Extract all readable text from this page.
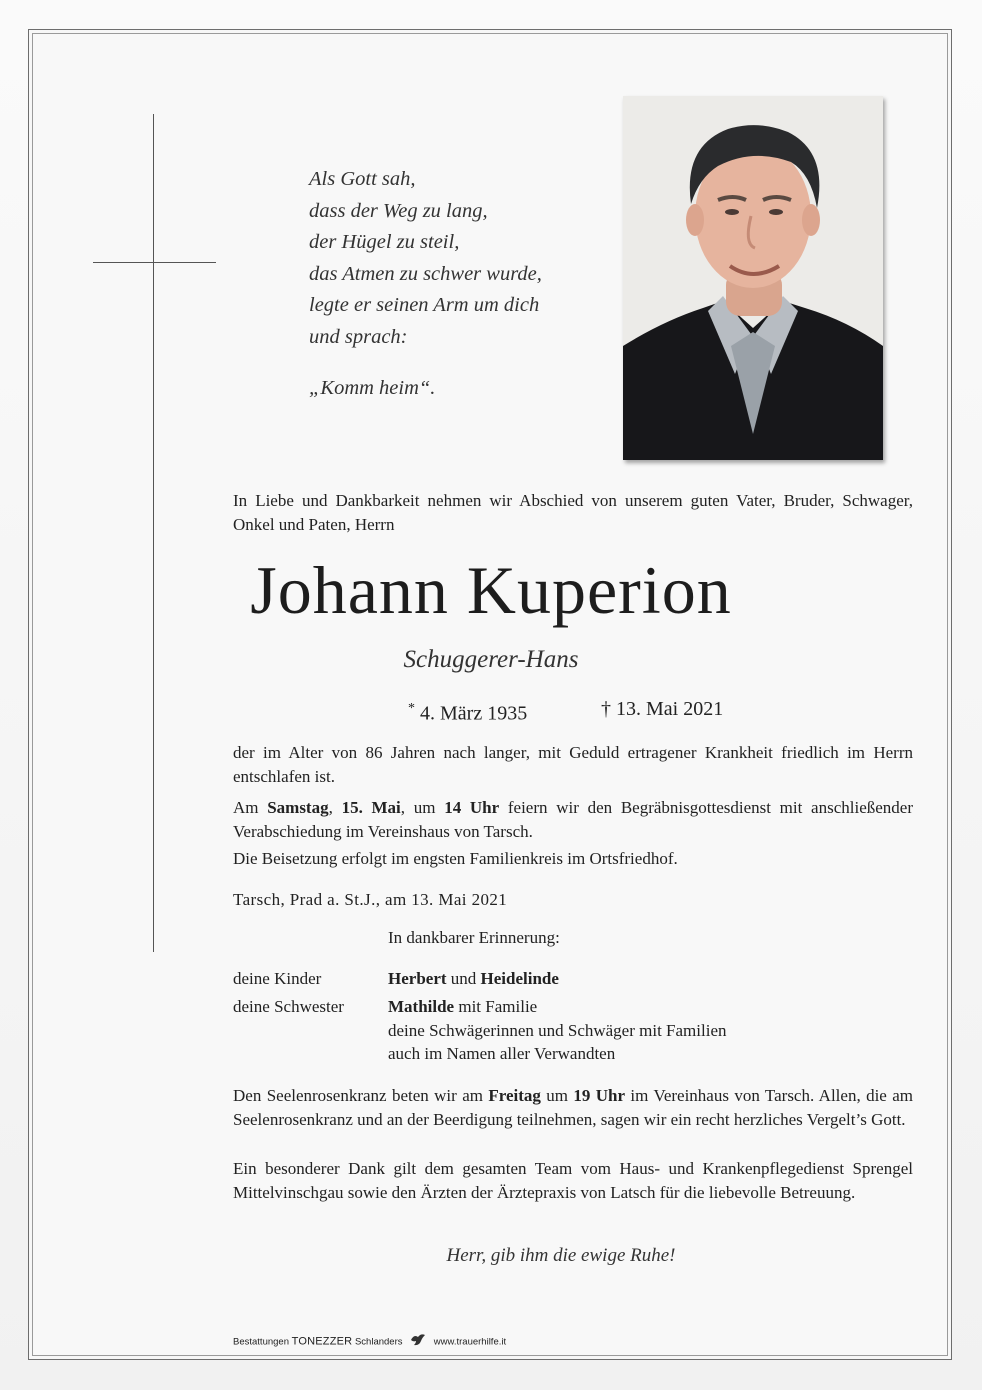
Als Gott sah,
dass der Weg zu lang,
der Hügel zu steil,
das Atmen zu schwer wurde,
legte er seinen Arm um dich
und sprach:
„Komm heim“.
In Liebe und Dankbarkeit nehmen wir Abschied von unserem guten Vater, Bruder, Schwager, Onkel und Paten, Herrn
Johann Kuperion
Schuggerer-Hans
* 4. März 1935	† 13. Mai 2021
der im Alter von 86 Jahren nach langer, mit Geduld ertragener Krankheit friedlich im Herrn entschlafen ist.
Am Samstag, 15. Mai, um 14 Uhr feiern wir den Begräbnisgottesdienst mit anschließender Verabschiedung im Vereinshaus von Tarsch.
Die Beisetzung erfolgt im engsten Familienkreis im Ortsfriedhof.
Tarsch, Prad a. St.J., am 13. Mai 2021
In dankbarer Erinnerung:
deine Kinder	Herbert und Heidelinde
deine Schwester	Mathilde mit Familie
deine Schwägerinnen und Schwäger mit Familien
auch im Namen aller Verwandten
Den Seelenrosenkranz beten wir am Freitag um 19 Uhr im Vereinhaus von Tarsch. Allen, die am Seelenrosenkranz und an der Beerdigung teilnehmen, sagen wir ein recht herzliches Vergelt’s Gott.
Ein besonderer Dank gilt dem gesamten Team vom Haus- und Krankenpflegedienst Sprengel Mittelvinschgau sowie den Ärzten der Ärztepraxis von Latsch für die liebevolle Betreuung.
Herr, gib ihm die ewige Ruhe!
Bestattungen TONEZZER Schlanders	www.trauerhilfe.it
